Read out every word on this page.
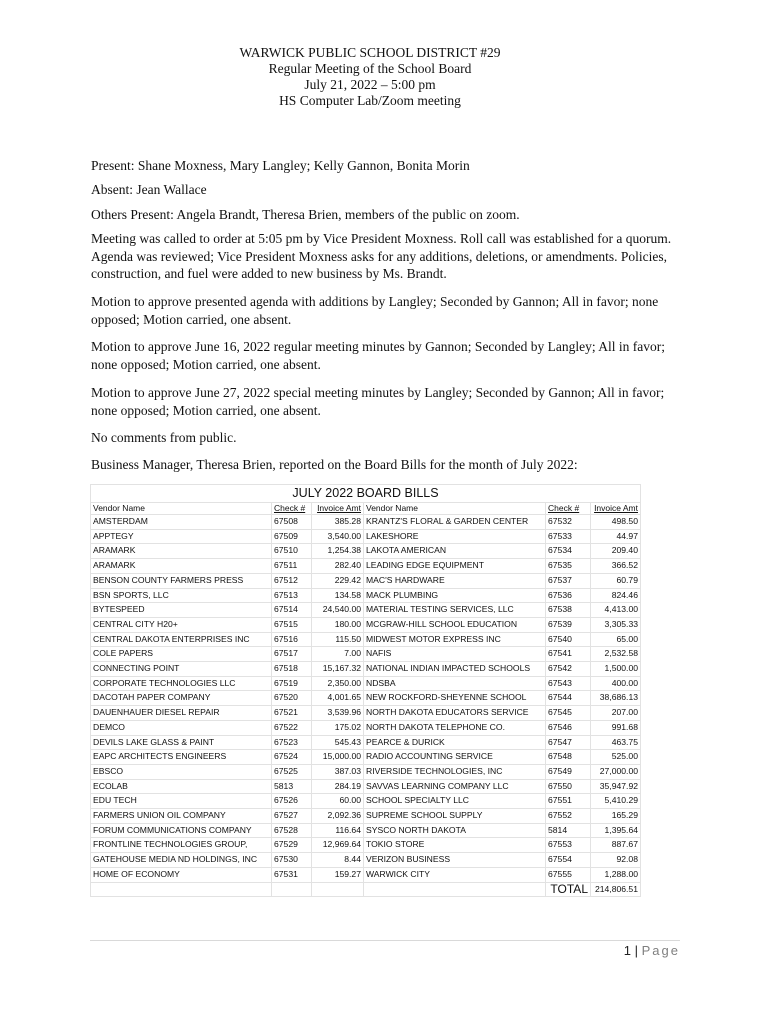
WARWICK PUBLIC SCHOOL DISTRICT #29
Regular Meeting of the School Board
July 21, 2022 – 5:00 pm
HS Computer Lab/Zoom meeting

Present: Shane Moxness, Mary Langley; Kelly Gannon, Bonita Morin

Absent: Jean Wallace

Others Present: Angela Brandt, Theresa Brien, members of the public on zoom.

Meeting was called to order at 5:05 pm by Vice President Moxness. Roll call was established for a quorum. Agenda was reviewed; Vice President Moxness asks for any additions, deletions, or amendments. Policies, construction, and fuel were added to new business by Ms. Brandt.

Motion to approve presented agenda with additions by Langley; Seconded by Gannon; All in favor; none opposed; Motion carried, one absent.

Motion to approve June 16, 2022 regular meeting minutes by Gannon; Seconded by Langley; All in favor; none opposed; Motion carried, one absent.

Motion to approve June 27, 2022 special meeting minutes by Langley; Seconded by Gannon; All in favor; none opposed; Motion carried, one absent.

No comments from public.

Business Manager, Theresa Brien, reported on the Board Bills for the month of July 2022:

JULY 2022 BOARD BILLS					
Vendor Name	Check #	Invoice Amt	Vendor Name	Check #	Invoice Amt
AMSTERDAM	67508	385.28	KRANTZ'S FLORAL & GARDEN CENTER	67532	498.50
APPTEGY	67509	3,540.00	LAKESHORE	67533	44.97
ARAMARK	67510	1,254.38	LAKOTA AMERICAN	67534	209.40
ARAMARK	67511	282.40	LEADING EDGE EQUIPMENT	67535	366.52
BENSON COUNTY FARMERS PRESS	67512	229.42	MAC'S HARDWARE	67537	60.79
BSN SPORTS, LLC	67513	134.58	MACK PLUMBING	67536	824.46
BYTESPEED	67514	24,540.00	MATERIAL TESTING SERVICES, LLC	67538	4,413.00
CENTRAL CITY H20+	67515	180.00	MCGRAW-HILL SCHOOL EDUCATION	67539	3,305.33
CENTRAL DAKOTA ENTERPRISES INC	67516	115.50	MIDWEST MOTOR EXPRESS INC	67540	65.00
COLE PAPERS	67517	7.00	NAFIS	67541	2,532.58
CONNECTING POINT	67518	15,167.32	NATIONAL INDIAN IMPACTED SCHOOLS	67542	1,500.00
CORPORATE TECHNOLOGIES LLC	67519	2,350.00	NDSBA	67543	400.00
DACOTAH PAPER COMPANY	67520	4,001.65	NEW ROCKFORD-SHEYENNE SCHOOL	67544	38,686.13
DAUENHAUER DIESEL REPAIR	67521	3,539.96	NORTH DAKOTA EDUCATORS SERVICE	67545	207.00
DEMCO	67522	175.02	NORTH DAKOTA TELEPHONE CO.	67546	991.68
DEVILS LAKE GLASS & PAINT	67523	545.43	PEARCE & DURICK	67547	463.75
EAPC ARCHITECTS ENGINEERS	67524	15,000.00	RADIO ACCOUNTING SERVICE	67548	525.00
EBSCO	67525	387.03	RIVERSIDE TECHNOLOGIES, INC	67549	27,000.00
ECOLAB	5813	284.19	SAVVAS LEARNING COMPANY LLC	67550	35,947.92
EDU TECH	67526	60.00	SCHOOL SPECIALTY LLC	67551	5,410.29
FARMERS UNION OIL COMPANY	67527	2,092.36	SUPREME SCHOOL SUPPLY	67552	165.29
FORUM COMMUNICATIONS COMPANY	67528	116.64	SYSCO NORTH DAKOTA	5814	1,395.64
FRONTLINE TECHNOLOGIES GROUP,	67529	12,969.64	TOKIO STORE	67553	887.67
GATEHOUSE MEDIA ND HOLDINGS, INC	67530	8.44	VERIZON BUSINESS	67554	92.08
HOME OF ECONOMY	67531	159.27	WARWICK CITY	67555	1,288.00
				TOTAL	214,806.51
1 | Page
